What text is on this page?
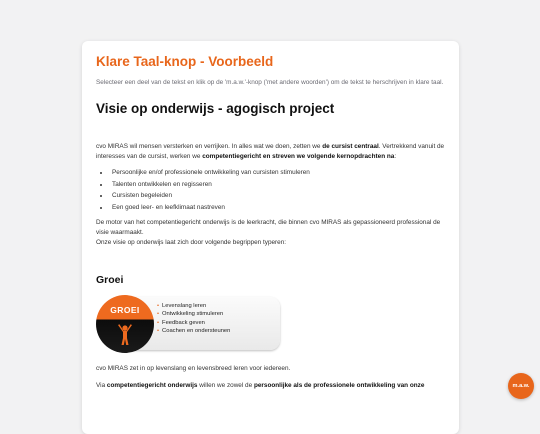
Klare Taal-knop - Voorbeeld
Selecteer een deel van de tekst en klik op de 'm.a.w.'-knop ('met andere woorden') om de tekst te herschrijven in klare taal.
Visie op onderwijs - agogisch project
cvo MIRAS wil mensen versterken en verrijken. In alles wat we doen, zetten we de cursist centraal. Vertrekkend vanuit de interesses van de cursist, werken we competentiegericht en streven we volgende kernopdrachten na:
• Persoonlijke en/of professionele ontwikkeling van cursisten stimuleren
• Talenten ontwikkelen en regisseren
• Cursisten begeleiden
• Een goed leer- en leefklimaat nastreven
De motor van het competentiegericht onderwijs is de leerkracht, die binnen cvo MIRAS als gepassioneerd professional de visie waarmaakt.
Onze visie op onderwijs laat zich door volgende begrippen typeren:
Groei
• Levenslang leren
• Ontwikkeling stimuleren
• Feedback geven
• Coachen en ondersteunen
GROEI
cvo MIRAS zet in op levenslang en levensbreed leren voor iedereen.
Via competentiegericht onderwijs willen we zowel de persoonlijke als de professionele ontwikkeling van onze	m.a.w.
